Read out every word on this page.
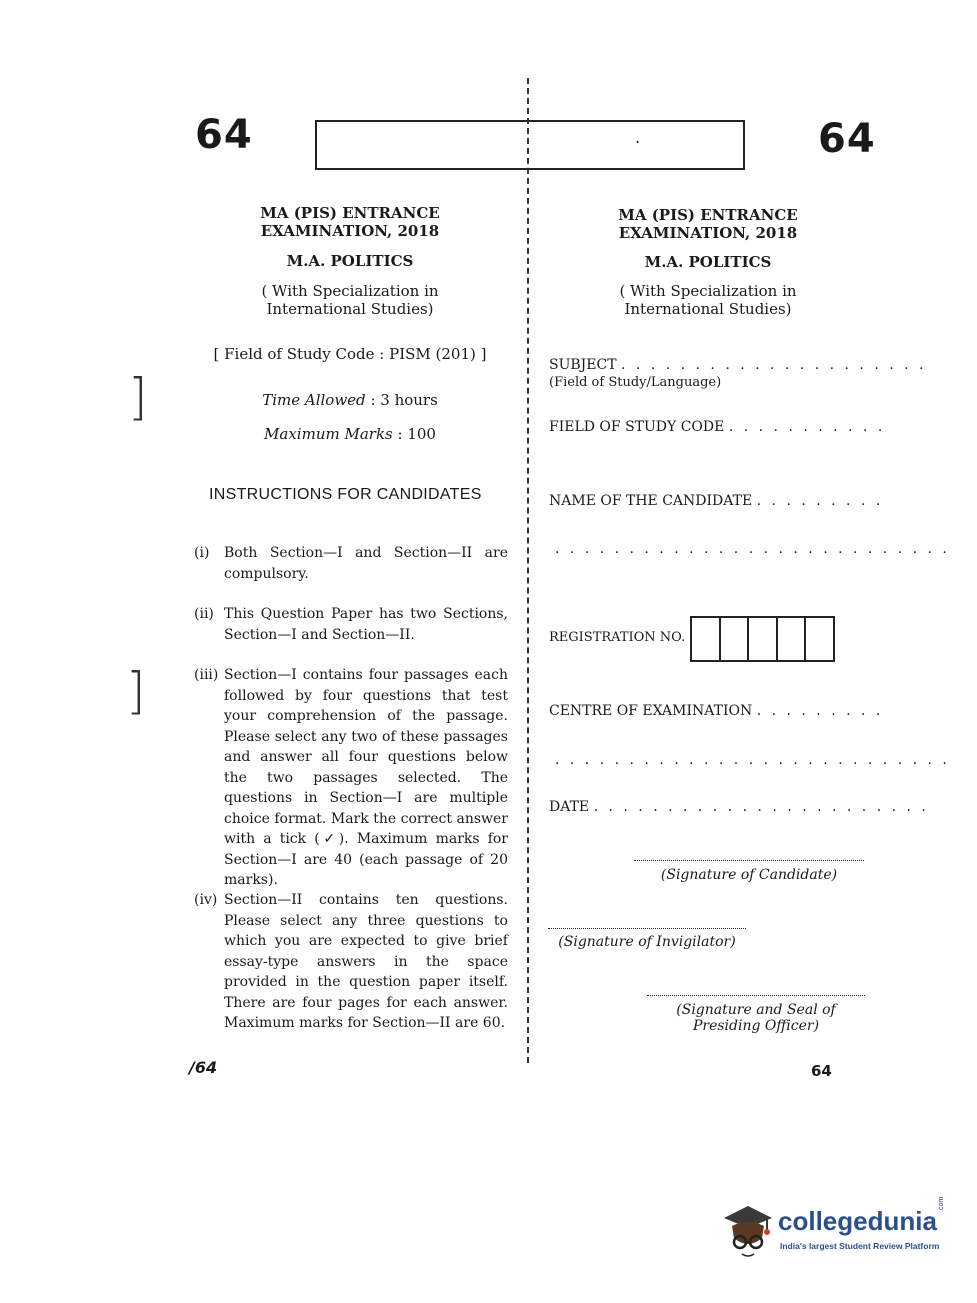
64	.	64
]
]
MA (PIS) ENTRANCE
EXAMINATION, 2018
M.A. POLITICS
( With Specialization in
International Studies)
[ Field of Study Code : PISM (201) ]
Time Allowed : 3 hours
Maximum Marks : 100
INSTRUCTIONS FOR CANDIDATES
(i) Both Section—I and Section—II are compulsory.
(ii) This Question Paper has two Sections, Section—I and Section—II.
(iii) Section—I contains four passages each followed by four questions that test your comprehension of the passage. Please select any two of these passages and answer all four questions below the two passages selected. The questions in Section—I are multiple choice format. Mark the correct answer with a tick (✓). Maximum marks for Section—I are 40 (each passage of 20 marks).
(iv) Section—II contains ten questions. Please select any three questions to which you are expected to give brief essay-type answers in the space provided in the question paper itself. There are four pages for each answer. Maximum marks for Section—II are 60.
/64
MA (PIS) ENTRANCE
EXAMINATION, 2018
M.A. POLITICS
( With Specialization in
International Studies)
SUBJECT . . . . . . . . . . . . . . . . . . . . .
(Field of Study/Language)
FIELD OF STUDY CODE . . . . . . . . . . .
NAME OF THE CANDIDATE . . . . . . . . .
. . . . . . . . . . . . . . . . . . . . . . . . . . .
REGISTRATION NO.
CENTRE OF EXAMINATION . . . . . . . . .
. . . . . . . . . . . . . . . . . . . . . . . . . . .
DATE . . . . . . . . . . . . . . . . . . . . . . .
(Signature of Candidate)
(Signature of Invigilator)
(Signature and Seal of
Presiding Officer)
64
collegedunia
.com
India's largest Student Review Platform
